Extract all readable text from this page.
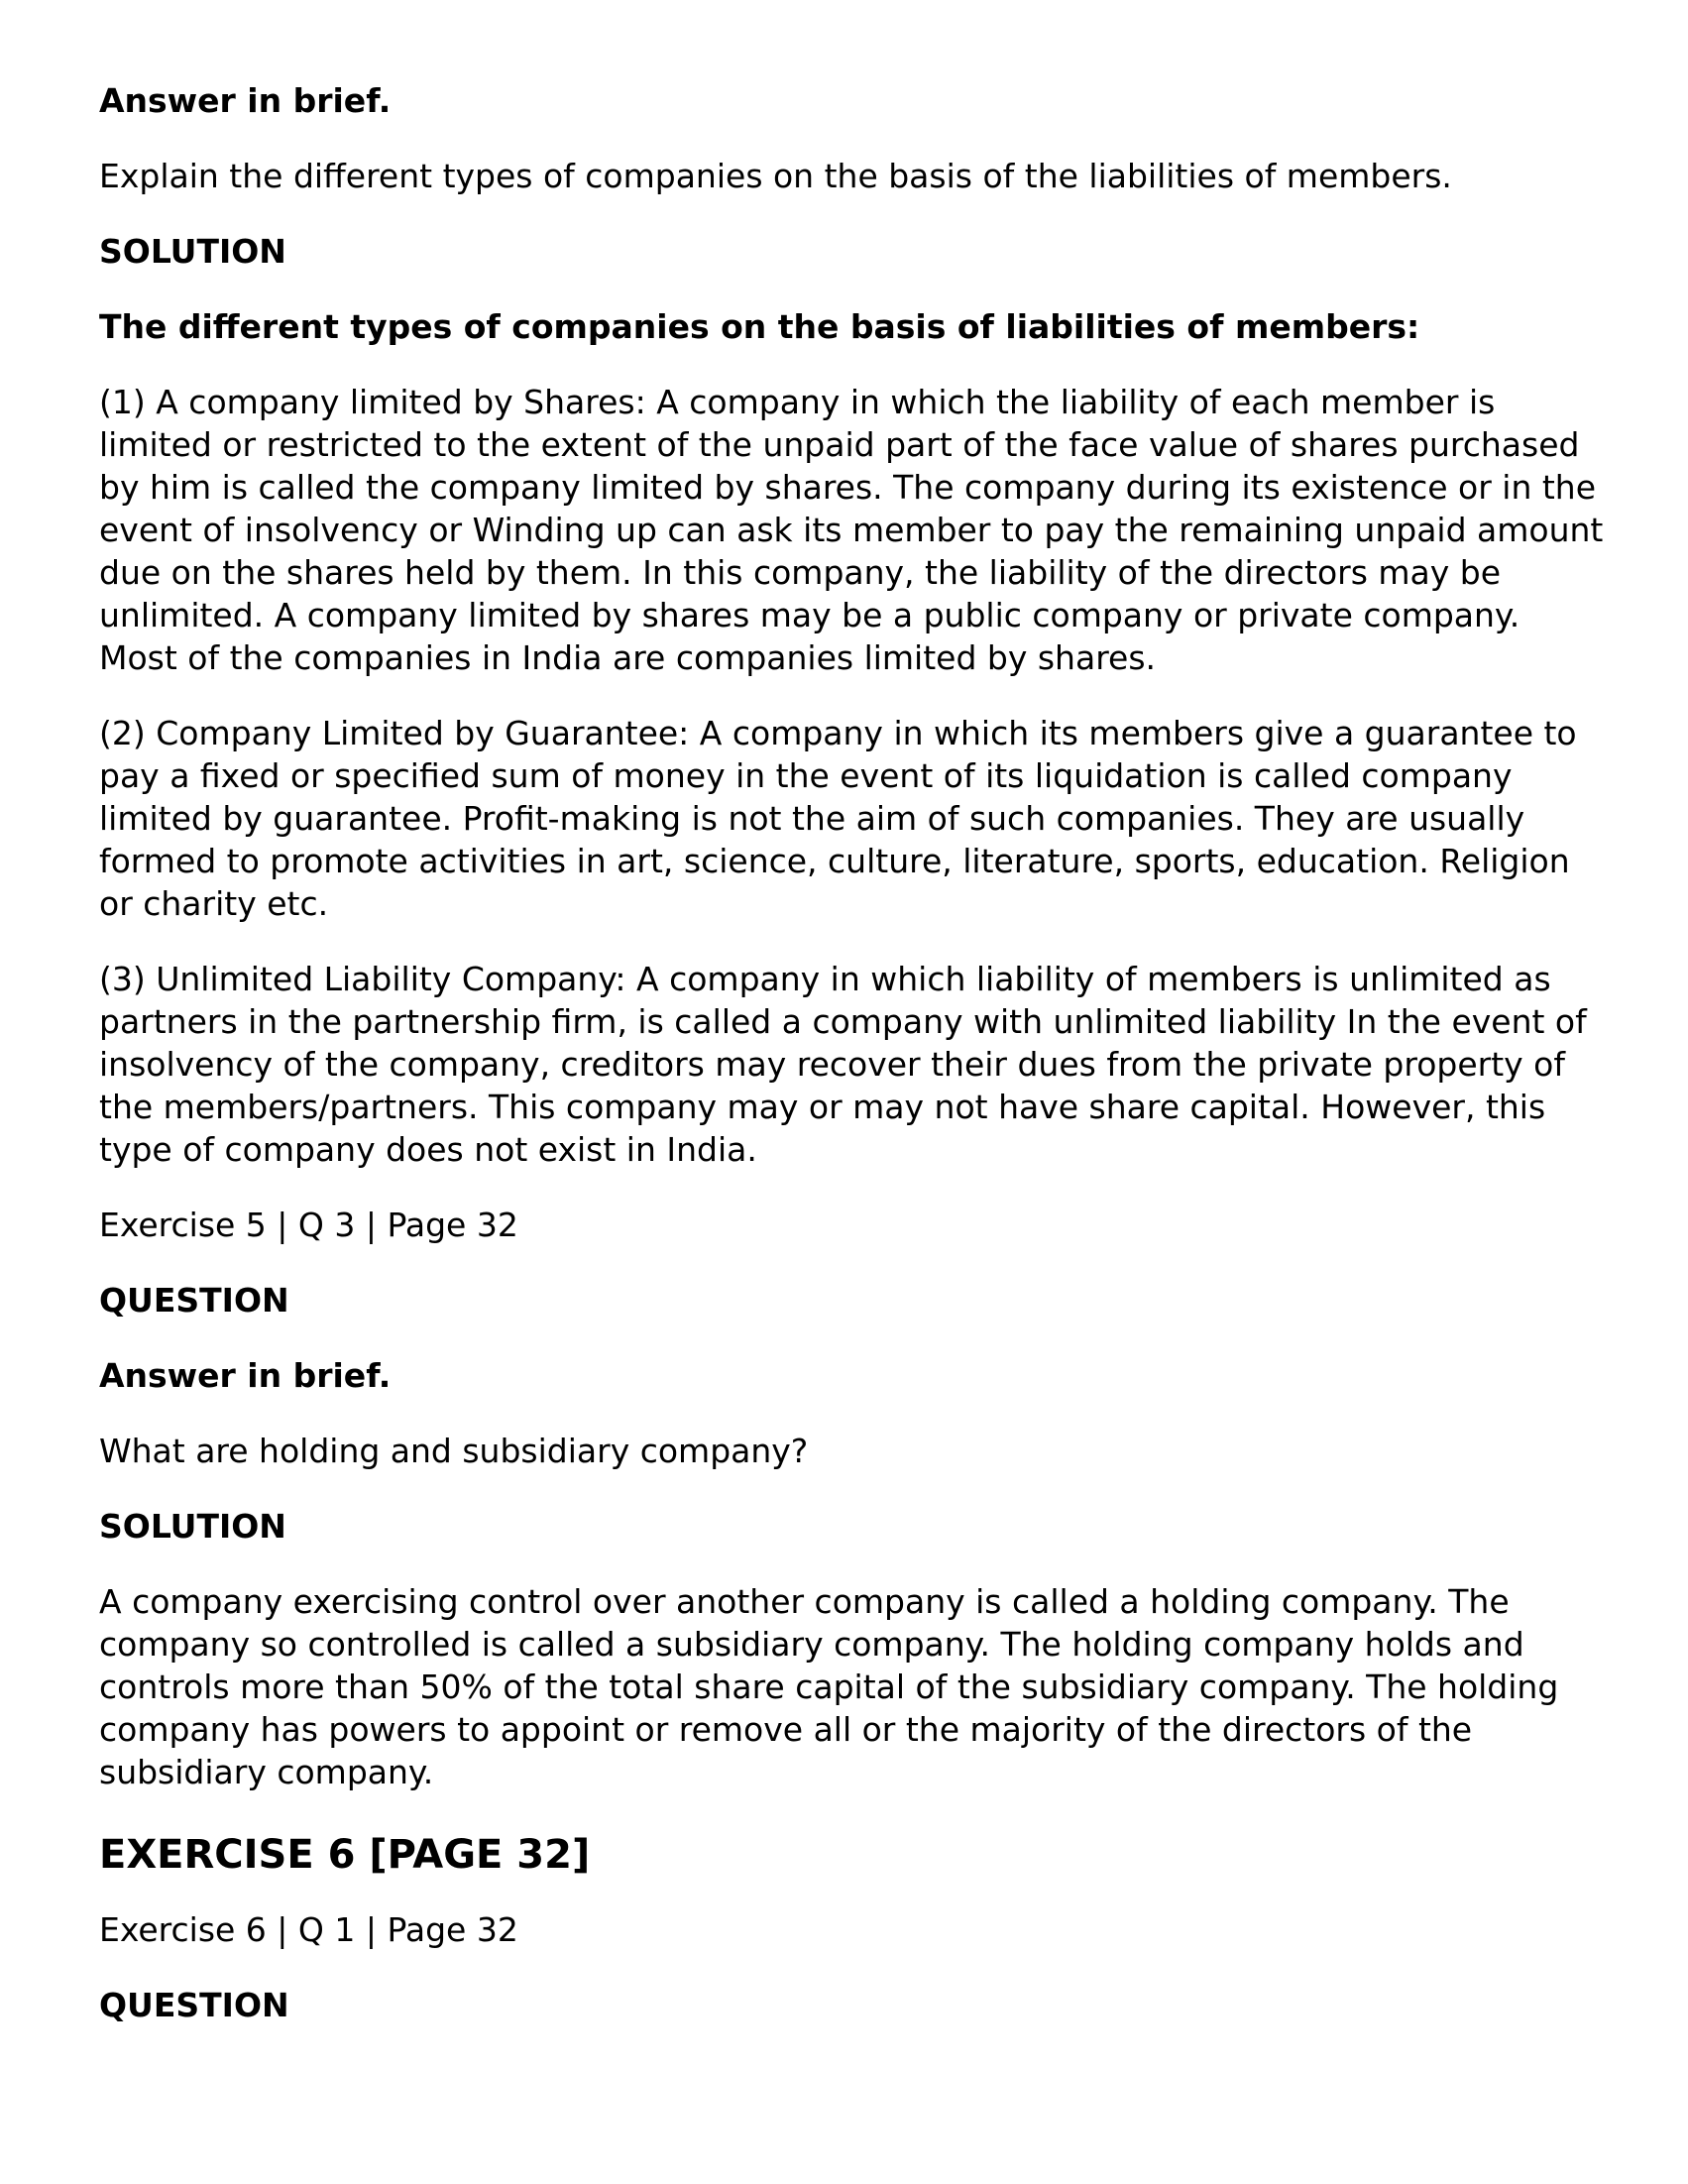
Answer in brief.

Explain the different types of companies on the basis of the liabilities of members.

SOLUTION

The different types of companies on the basis of liabilities of members:

(1) A company limited by Shares: A company in which the liability of each member is limited or restricted to the extent of the unpaid part of the face value of shares purchased by him is called the company limited by shares. The company during its existence or in the event of insolvency or Winding up can ask its member to pay the remaining unpaid amount due on the shares held by them. In this company, the liability of the directors may be unlimited. A company limited by shares may be a public company or private company. Most of the companies in India are companies limited by shares.

(2) Company Limited by Guarantee: A company in which its members give a guarantee to pay a fixed or specified sum of money in the event of its liquidation is called company limited by guarantee. Profit-making is not the aim of such companies. They are usually formed to promote activities in art, science, culture, literature, sports, education. Religion or charity etc.

(3) Unlimited Liability Company: A company in which liability of members is unlimited as partners in the partnership firm, is called a company with unlimited liability In the event of insolvency of the company, creditors may recover their dues from the private property of the members/partners. This company may or may not have share capital. However, this type of company does not exist in India.

Exercise 5 | Q 3 | Page 32

QUESTION

Answer in brief.

What are holding and subsidiary company?

SOLUTION

A company exercising control over another company is called a holding company. The company so controlled is called a subsidiary company. The holding company holds and controls more than 50% of the total share capital of the subsidiary company. The holding company has powers to appoint or remove all or the majority of the directors of the subsidiary company.

EXERCISE 6 [PAGE 32]

Exercise 6 | Q 1 | Page 32

QUESTION
